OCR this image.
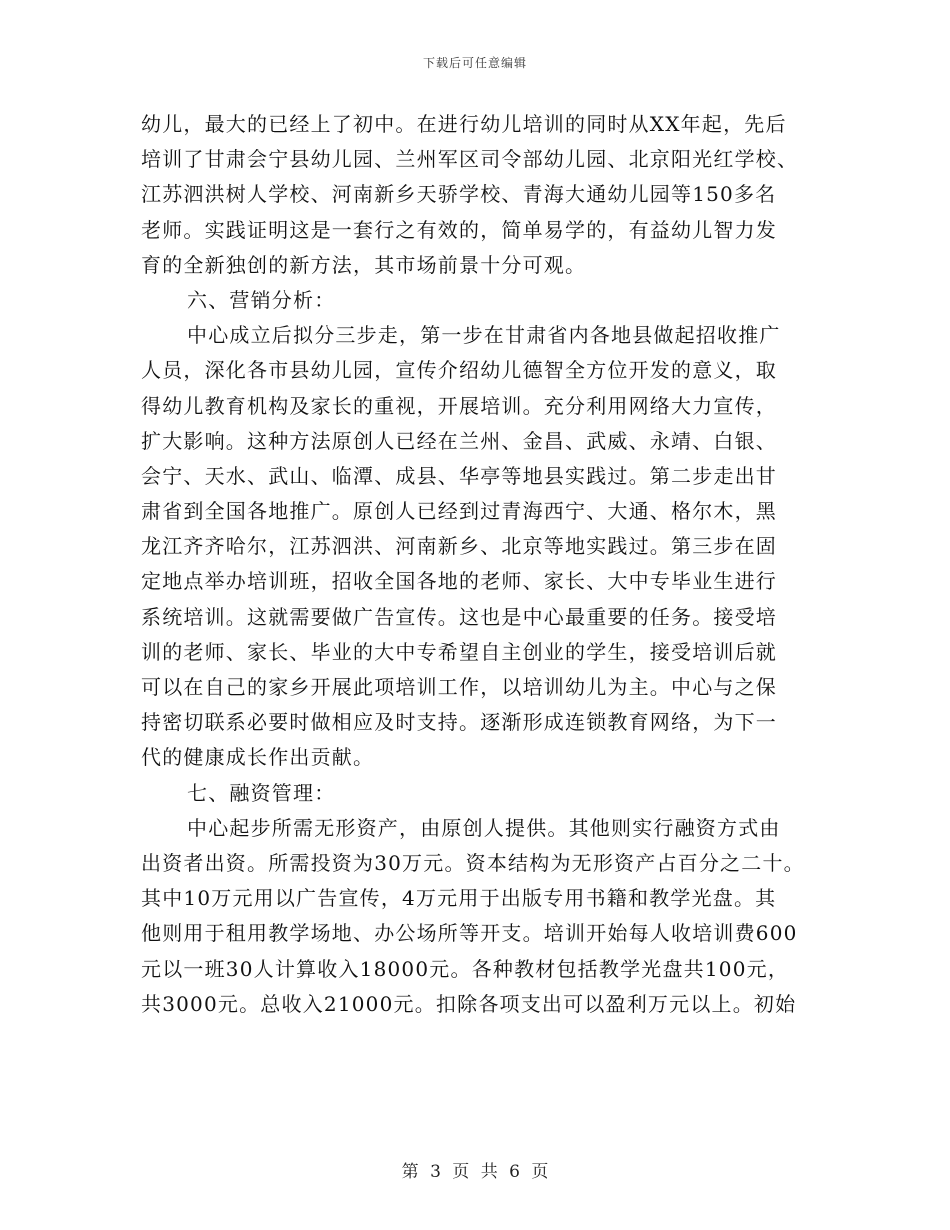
下载后可任意编辑
幼儿，最大的已经上了初中。在进行幼儿培训的同时从XX年起，先后
培训了甘肃会宁县幼儿园、兰州军区司令部幼儿园、北京阳光红学校、
江苏泗洪树人学校、河南新乡天骄学校、青海大通幼儿园等150多名
老师。实践证明这是一套行之有效的，简单易学的，有益幼儿智力发
育的全新独创的新方法，其市场前景十分可观。
六、营销分析：
中心成立后拟分三步走，第一步在甘肃省内各地县做起招收推广
人员，深化各市县幼儿园，宣传介绍幼儿德智全方位开发的意义，取
得幼儿教育机构及家长的重视，开展培训。充分利用网络大力宣传，
扩大影响。这种方法原创人已经在兰州、金昌、武威、永靖、白银、
会宁、天水、武山、临潭、成县、华亭等地县实践过。第二步走出甘
肃省到全国各地推广。原创人已经到过青海西宁、大通、格尔木，黑
龙江齐齐哈尔，江苏泗洪、河南新乡、北京等地实践过。第三步在固
定地点举办培训班，招收全国各地的老师、家长、大中专毕业生进行
系统培训。这就需要做广告宣传。这也是中心最重要的任务。接受培
训的老师、家长、毕业的大中专希望自主创业的学生，接受培训后就
可以在自己的家乡开展此项培训工作，以培训幼儿为主。中心与之保
持密切联系必要时做相应及时支持。逐渐形成连锁教育网络，为下一
代的健康成长作出贡献。
七、融资管理：
中心起步所需无形资产，由原创人提供。其他则实行融资方式由
出资者出资。所需投资为30万元。资本结构为无形资产占百分之二十。
其中10万元用以广告宣传，4万元用于出版专用书籍和教学光盘。其
他则用于租用教学场地、办公场所等开支。培训开始每人收培训费600
元以一班30人计算收入18000元。各种教材包括教学光盘共100元，
共3000元。总收入21000元。扣除各项支出可以盈利万元以上。初始
第 3 页 共 6 页
